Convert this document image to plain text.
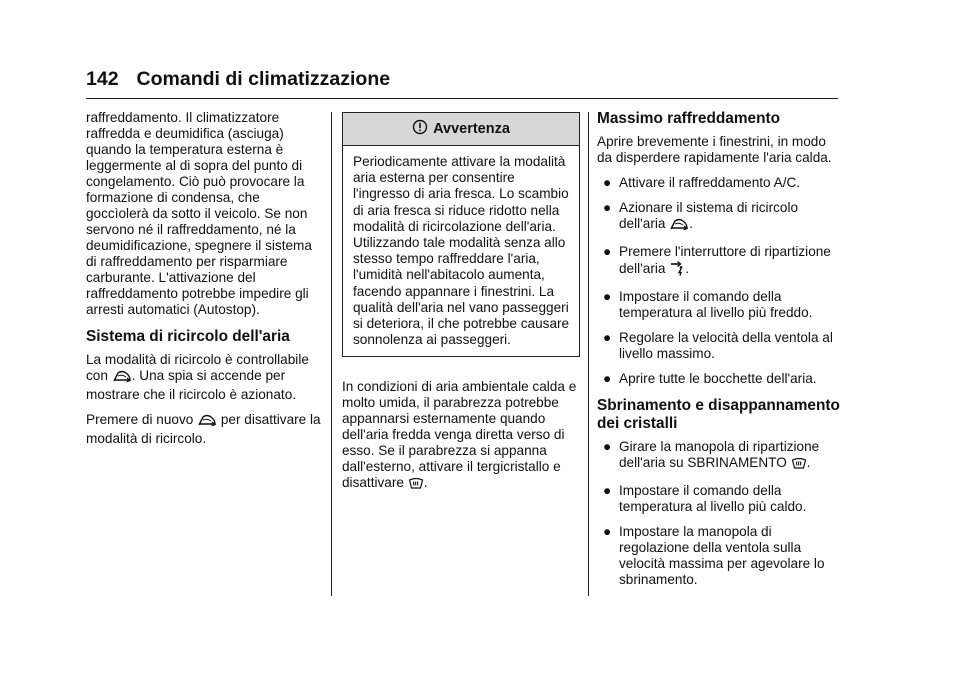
142 Comandi di climatizzazione

raffreddamento. Il climatizzatore raffredda e deumidifica (asciuga) quando la temperatura esterna è leggermente al di sopra del punto di congelamento. Ciò può provocare la formazione di condensa, che goccìolerà da sotto il veicolo. Se non servono né il raffreddamento, né la deumidificazione, spegnere il sistema di raffreddamento per risparmiare carburante. L'attivazione del raffreddamento potrebbe impedire gli arresti automatici (Autostop).

Sistema di ricircolo dell'aria

La modalità di ricircolo è controllabile con . Una spia si accende per mostrare che il ricircolo è azionato.

Premere di nuovo  per disattivare la modalità di ricircolo.

Avvertenza
Periodicamente attivare la modalità aria esterna per consentire l'ingresso di aria fresca. Lo scambio di aria fresca si riduce ridotto nella modalità di ricircolazione dell'aria. Utilizzando tale modalità senza allo stesso tempo raffreddare l'aria, l'umidità nell'abitacolo aumenta, facendo appannare i finestrini. La qualità dell'aria nel vano passeggeri si deteriora, il che potrebbe causare sonnolenza ai passeggeri.

In condizioni di aria ambientale calda e molto umida, il parabrezza potrebbe appannarsi esternamente quando dell'aria fredda venga diretta verso di esso. Se il parabrezza si appanna dall'esterno, attivare il tergicristallo e disattivare .

Massimo raffreddamento

Aprire brevemente i finestrini, in modo da disperdere rapidamente l'aria calda.

● Attivare il raffreddamento A/C.
● Azionare il sistema di ricircolo dell'aria .
● Premere l'interruttore di ripartizione dell'aria .
● Impostare il comando della temperatura al livello più freddo.
● Regolare la velocità della ventola al livello massimo.
● Aprire tutte le bocchette dell'aria.
Sbrinamento e disappannamento dei cristalli
● Girare la manopola di ripartizione dell'aria su SBRINAMENTO .
● Impostare il comando della temperatura al livello più caldo.
● Impostare la manopola di regolazione della ventola sulla velocità massima per agevolare lo sbrinamento.
